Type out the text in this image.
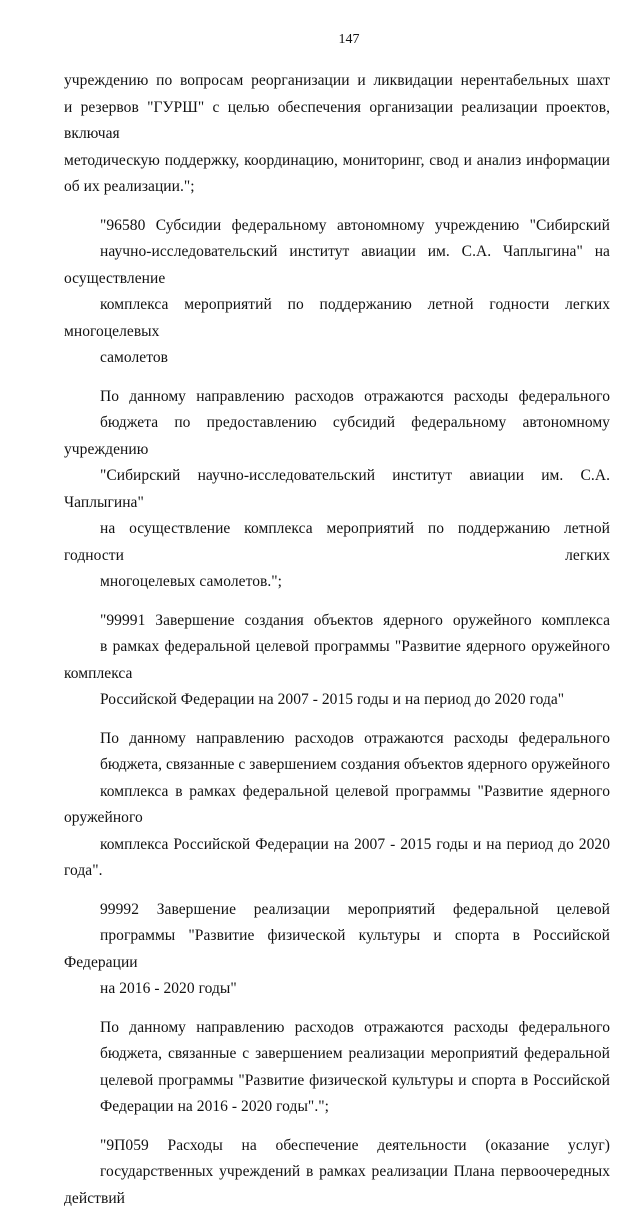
147
учреждению по вопросам реорганизации и ликвидации нерентабельных шахт
и резервов "ГУРШ" с целью обеспечения организации реализации проектов, включая
методическую поддержку, координацию, мониторинг, свод и анализ информации
об их реализации.";
"96580 Субсидии федеральному автономному учреждению "Сибирский
научно-исследовательский институт авиации им. С.А. Чаплыгина" на осуществление
комплекса мероприятий по поддержанию летной годности легких многоцелевых
самолетов
По данному направлению расходов отражаются расходы федерального
бюджета по предоставлению субсидий федеральному автономному учреждению
"Сибирский научно-исследовательский институт авиации им. С.А. Чаплыгина"
на осуществление комплекса мероприятий по поддержанию летной годности легких
многоцелевых самолетов.";
"99991 Завершение создания объектов ядерного оружейного комплекса
в рамках федеральной целевой программы "Развитие ядерного оружейного комплекса
Российской Федерации на 2007 - 2015 годы и на период до 2020 года"
По данному направлению расходов отражаются расходы федерального
бюджета, связанные с завершением создания объектов ядерного оружейного
комплекса в рамках федеральной целевой программы "Развитие ядерного оружейного
комплекса Российской Федерации на 2007 - 2015 годы и на период до 2020 года".
99992 Завершение реализации мероприятий федеральной целевой
программы "Развитие физической культуры и спорта в Российской Федерации
на 2016 - 2020 годы"
По данному направлению расходов отражаются расходы федерального
бюджета, связанные с завершением реализации мероприятий федеральной
целевой программы "Развитие физической культуры и спорта в Российской
Федерации на 2016 - 2020 годы".";
"9П059 Расходы на обеспечение деятельности (оказание услуг)
государственных учреждений в рамках реализации Плана первоочередных действий
